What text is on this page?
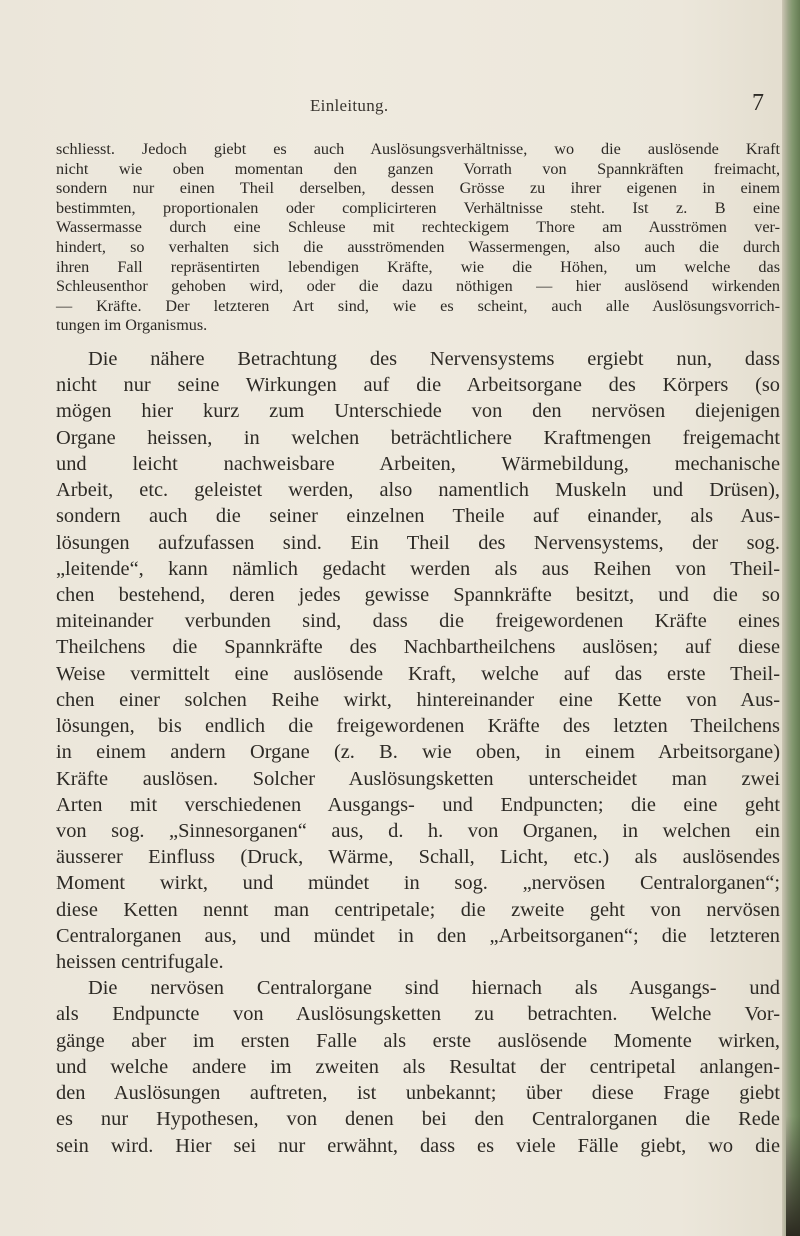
Einleitung.	7
schliesst. Jedoch giebt es auch Auslösungsverhältnisse, wo die auslösende Kraft
nicht wie oben momentan den ganzen Vorrath von Spannkräften freimacht,
sondern nur einen Theil derselben, dessen Grösse zu ihrer eigenen in einem
bestimmten, proportionalen oder complicirteren Verhältnisse steht. Ist z. B eine
Wassermasse durch eine Schleuse mit rechteckigem Thore am Ausströmen ver-
hindert, so verhalten sich die ausströmenden Wassermengen, also auch die durch
ihren Fall repräsentirten lebendigen Kräfte, wie die Höhen, um welche das
Schleusenthor gehoben wird, oder die dazu nöthigen — hier auslösend wirkenden
— Kräfte. Der letzteren Art sind, wie es scheint, auch alle Auslösungsvorrich-
tungen im Organismus.
Die nähere Betrachtung des Nervensystems ergiebt nun, dass
nicht nur seine Wirkungen auf die Arbeitsorgane des Körpers (so
mögen hier kurz zum Unterschiede von den nervösen diejenigen
Organe heissen, in welchen beträchtlichere Kraftmengen freigemacht
und leicht nachweisbare Arbeiten, Wärmebildung, mechanische
Arbeit, etc. geleistet werden, also namentlich Muskeln und Drüsen),
sondern auch die seiner einzelnen Theile auf einander, als Aus-
lösungen aufzufassen sind. Ein Theil des Nervensystems, der sog.
„leitende“, kann nämlich gedacht werden als aus Reihen von Theil-
chen bestehend, deren jedes gewisse Spannkräfte besitzt, und die so
miteinander verbunden sind, dass die freigewordenen Kräfte eines
Theilchens die Spannkräfte des Nachbartheilchens auslösen; auf diese
Weise vermittelt eine auslösende Kraft, welche auf das erste Theil-
chen einer solchen Reihe wirkt, hintereinander eine Kette von Aus-
lösungen, bis endlich die freigewordenen Kräfte des letzten Theilchens
in einem andern Organe (z. B. wie oben, in einem Arbeitsorgane)
Kräfte auslösen. Solcher Auslösungsketten unterscheidet man zwei
Arten mit verschiedenen Ausgangs- und Endpuncten; die eine geht
von sog. „Sinnesorganen“ aus, d. h. von Organen, in welchen ein
äusserer Einfluss (Druck, Wärme, Schall, Licht, etc.) als auslösendes
Moment wirkt, und mündet in sog. „nervösen Centralorganen“;
diese Ketten nennt man centripetale; die zweite geht von nervösen
Centralorganen aus, und mündet in den „Arbeitsorganen“; die letzteren
heissen centrifugale.
Die nervösen Centralorgane sind hiernach als Ausgangs- und
als Endpuncte von Auslösungsketten zu betrachten. Welche Vor-
gänge aber im ersten Falle als erste auslösende Momente wirken,
und welche andere im zweiten als Resultat der centripetal anlangen-
den Auslösungen auftreten, ist unbekannt; über diese Frage giebt
es nur Hypothesen, von denen bei den Centralorganen die Rede
sein wird. Hier sei nur erwähnt, dass es viele Fälle giebt, wo die
